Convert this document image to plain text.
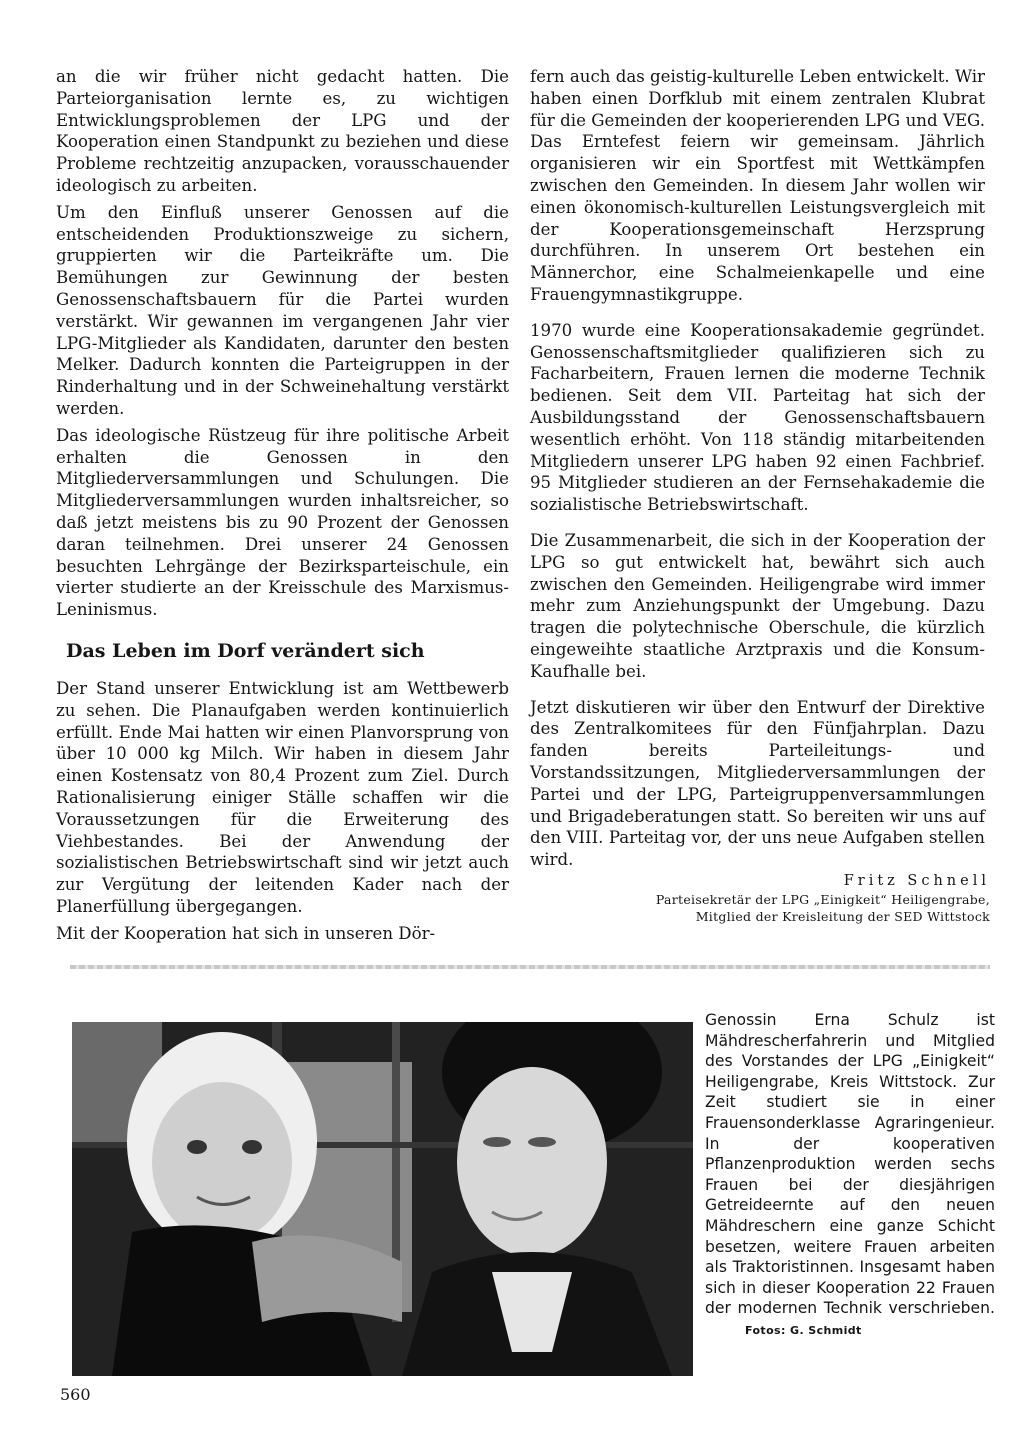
an die wir früher nicht gedacht hatten. Die Parteiorganisation lernte es, zu wichtigen Entwicklungsproblemen der LPG und der Kooperation einen Standpunkt zu beziehen und diese Probleme rechtzeitig anzupacken, vorausschauender ideologisch zu arbeiten.

Um den Einfluß unserer Genossen auf die entscheidenden Produktionszweige zu sichern, gruppierten wir die Parteikräfte um. Die Bemühungen zur Gewinnung der besten Genossenschaftsbauern für die Partei wurden verstärkt. Wir gewannen im vergangenen Jahr vier LPG-Mitglieder als Kandidaten, darunter den besten Melker. Dadurch konnten die Parteigruppen in der Rinderhaltung und in der Schweinehaltung verstärkt werden.

Das ideologische Rüstzeug für ihre politische Arbeit erhalten die Genossen in den Mitgliederversammlungen und Schulungen. Die Mitgliederversammlungen wurden inhaltsreicher, so daß jetzt meistens bis zu 90 Prozent der Genossen daran teilnehmen. Drei unserer 24 Genossen besuchten Lehrgänge der Bezirksparteischule, ein vierter studierte an der Kreisschule des Marxismus-Leninismus.

Das Leben im Dorf verändert sich

Der Stand unserer Entwicklung ist am Wettbewerb zu sehen. Die Planaufgaben werden kontinuierlich erfüllt. Ende Mai hatten wir einen Planvorsprung von über 10 000 kg Milch. Wir haben in diesem Jahr einen Kostensatz von 80,4 Prozent zum Ziel. Durch Rationalisierung einiger Ställe schaffen wir die Voraussetzungen für die Erweiterung des Viehbestandes. Bei der Anwendung der sozialistischen Betriebswirtschaft sind wir jetzt auch zur Vergütung der leitenden Kader nach der Planerfüllung übergegangen.

Mit der Kooperation hat sich in unseren Dör-

fern auch das geistig-kulturelle Leben entwickelt. Wir haben einen Dorfklub mit einem zentralen Klubrat für die Gemeinden der kooperierenden LPG und VEG. Das Erntefest feiern wir gemeinsam. Jährlich organisieren wir ein Sportfest mit Wettkämpfen zwischen den Gemeinden. In diesem Jahr wollen wir einen ökonomisch-kulturellen Leistungsvergleich mit der Kooperationsgemeinschaft Herzsprung durchführen. In unserem Ort bestehen ein Männerchor, eine Schalmeienkapelle und eine Frauengymnastikgruppe.

1970 wurde eine Kooperationsakademie gegründet. Genossenschaftsmitglieder qualifizieren sich zu Facharbeitern, Frauen lernen die moderne Technik bedienen. Seit dem VII. Parteitag hat sich der Ausbildungsstand der Genossenschaftsbauern wesentlich erhöht. Von 118 ständig mitarbeitenden Mitgliedern unserer LPG haben 92 einen Fachbrief. 95 Mitglieder studieren an der Fernsehakademie die sozialistische Betriebswirtschaft.

Die Zusammenarbeit, die sich in der Kooperation der LPG so gut entwickelt hat, bewährt sich auch zwischen den Gemeinden. Heiligengrabe wird immer mehr zum Anziehungspunkt der Umgebung. Dazu tragen die polytechnische Oberschule, die kürzlich eingeweihte staatliche Arztpraxis und die Konsum-Kaufhalle bei.

Jetzt diskutieren wir über den Entwurf der Direktive des Zentralkomitees für den Fünfjahrplan. Dazu fanden bereits Parteileitungs- und Vorstandssitzungen, Mitgliederversammlungen der Partei und der LPG, Parteigruppenversammlungen und Brigadeberatungen statt. So bereiten wir uns auf den VIII. Parteitag vor, der uns neue Aufgaben stellen wird.

Fritz Schnell
Parteisekretär der LPG „Einigkeit“ Heiligengrabe,
Mitglied der Kreisleitung der SED Wittstock
Genossin Erna Schulz ist Mähdrescherfahrerin und Mitglied des Vorstandes der LPG „Einigkeit“ Heiligengrabe, Kreis Wittstock. Zur Zeit studiert sie in einer Frauensonderklasse Agraringenieur. In der kooperativen Pflanzenproduktion werden sechs Frauen bei der diesjährigen Getreideernte auf den neuen Mähdreschern eine ganze Schicht besetzen, weitere Frauen arbeiten als Traktoristinnen. Insgesamt haben sich in dieser Kooperation 22 Frauen der modernen Technik verschrieben. Fotos: G. Schmidt
560
